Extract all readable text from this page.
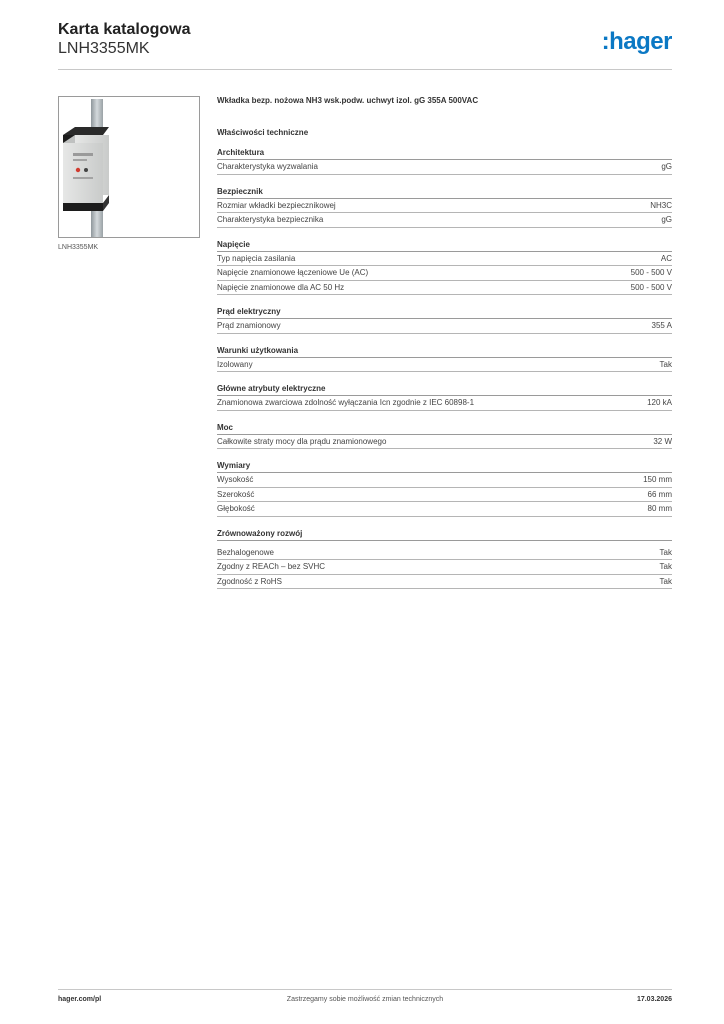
Karta katalogowa
LNH3355MK	:hager
LNH3355MK
Wkładka bezp. nożowa NH3 wsk.podw. uchwyt izol. gG 355A 500VAC
Właściwości techniczne
Architektura
Charakterystyka wyzwalania	gG
Bezpiecznik
Rozmiar wkładki bezpiecznikowej	NH3C
Charakterystyka bezpiecznika	gG
Napięcie
Typ napięcia zasilania	AC
Napięcie znamionowe łączeniowe Ue (AC)	500 - 500 V
Napięcie znamionowe dla AC 50 Hz	500 - 500 V
Prąd elektryczny
Prąd znamionowy	355 A
Warunki użytkowania
Izolowany	Tak
Główne atrybuty elektryczne
Znamionowa zwarciowa zdolność wyłączania Icn zgodnie z IEC 60898-1	120 kA
Moc
Całkowite straty mocy dla prądu znamionowego	32 W
Wymiary
Wysokość	150 mm
Szerokość	66 mm
Głębokość	80 mm
Zrównoważony rozwój
Bezhalogenowe	Tak
Zgodny z REACh – bez SVHC	Tak
Zgodność z RoHS	Tak
hager.com/pl	Zastrzegamy sobie możliwość zmian technicznych	17.03.2026
